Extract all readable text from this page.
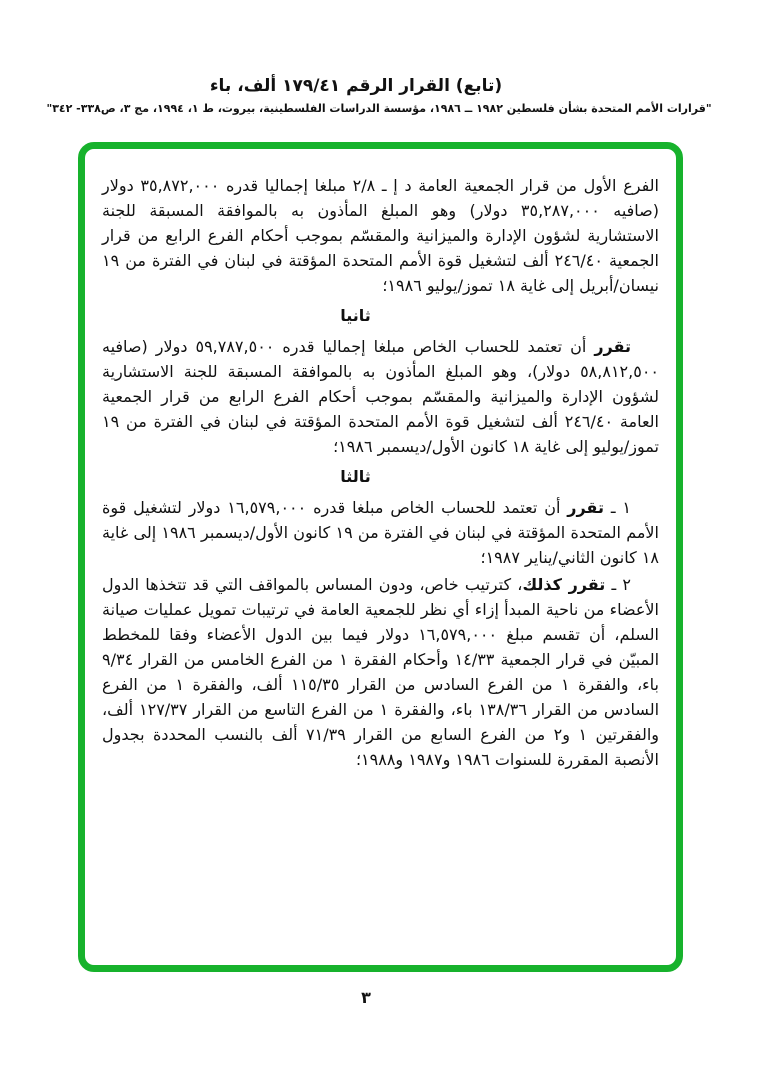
(تابع) القرار الرقم ١٧٩/٤١ ألف، باء
"قرارات الأمم المتحدة بشأن فلسطين ١٩٨٢ ــ ١٩٨٦، مؤسسة الدراسات الفلسطينية، بيروت، ط ١، ١٩٩٤، مج ٣، ص٣٣٨- ٣٤٢"

الفرع الأول من قرار الجمعية العامة د إ ـ ٢/٨ مبلغا إجماليا قدره ٣٥,٨٧٢,٠٠٠ دولار (صافيه ٣٥,٢٨٧,٠٠٠ دولار) وهو المبلغ المأذون به بالموافقة المسبقة للجنة الاستشارية لشؤون الإدارة والميزانية والمقسّم بموجب أحكام الفرع الرابع من قرار الجمعية ٢٤٦/٤٠ ألف لتشغيل قوة الأمم المتحدة المؤقتة في لبنان في الفترة من ١٩ نيسان/أبريل إلى غاية ١٨ تموز/يوليو ١٩٨٦؛

ثانيا

تقرر أن تعتمد للحساب الخاص مبلغا إجماليا قدره ٥٩,٧٨٧,٥٠٠ دولار (صافيه ٥٨,٨١٢,٥٠٠ دولار)، وهو المبلغ المأذون به بالموافقة المسبقة للجنة الاستشارية لشؤون الإدارة والميزانية والمقسّم بموجب أحكام الفرع الرابع من قرار الجمعية العامة ٢٤٦/٤٠ ألف لتشغيل قوة الأمم المتحدة المؤقتة في لبنان في الفترة من ١٩ تموز/يوليو إلى غاية ١٨ كانون الأول/ديسمبر ١٩٨٦؛

ثالثا

١ ـ تقرر أن تعتمد للحساب الخاص مبلغا قدره ١٦,٥٧٩,٠٠٠ دولار لتشغيل قوة الأمم المتحدة المؤقتة في لبنان في الفترة من ١٩ كانون الأول/ديسمبر ١٩٨٦ إلى غاية ١٨ كانون الثاني/يناير ١٩٨٧؛

٢ ـ تقرر كذلك، كترتيب خاص، ودون المساس بالمواقف التي قد تتخذها الدول الأعضاء من ناحية المبدأ إزاء أي نظر للجمعية العامة في ترتيبات تمويل عمليات صيانة السلم، أن تقسم مبلغ ١٦,٥٧٩,٠٠٠ دولار فيما بين الدول الأعضاء وفقا للمخطط المبيّن في قرار الجمعية ١٤/٣٣ وأحكام الفقرة ١ من الفرع الخامس من القرار ٩/٣٤ باء، والفقرة ١ من الفرع السادس من القرار ١١٥/٣٥ ألف، والفقرة ١ من الفرع السادس من القرار ١٣٨/٣٦ باء، والفقرة ١ من الفرع التاسع من القرار ١٢٧/٣٧ ألف، والفقرتين ١ و٢ من الفرع السابع من القرار ٧١/٣٩ ألف بالنسب المحددة بجدول الأنصبة المقررة للسنوات ١٩٨٦ و١٩٨٧ و١٩٨٨؛

٣
